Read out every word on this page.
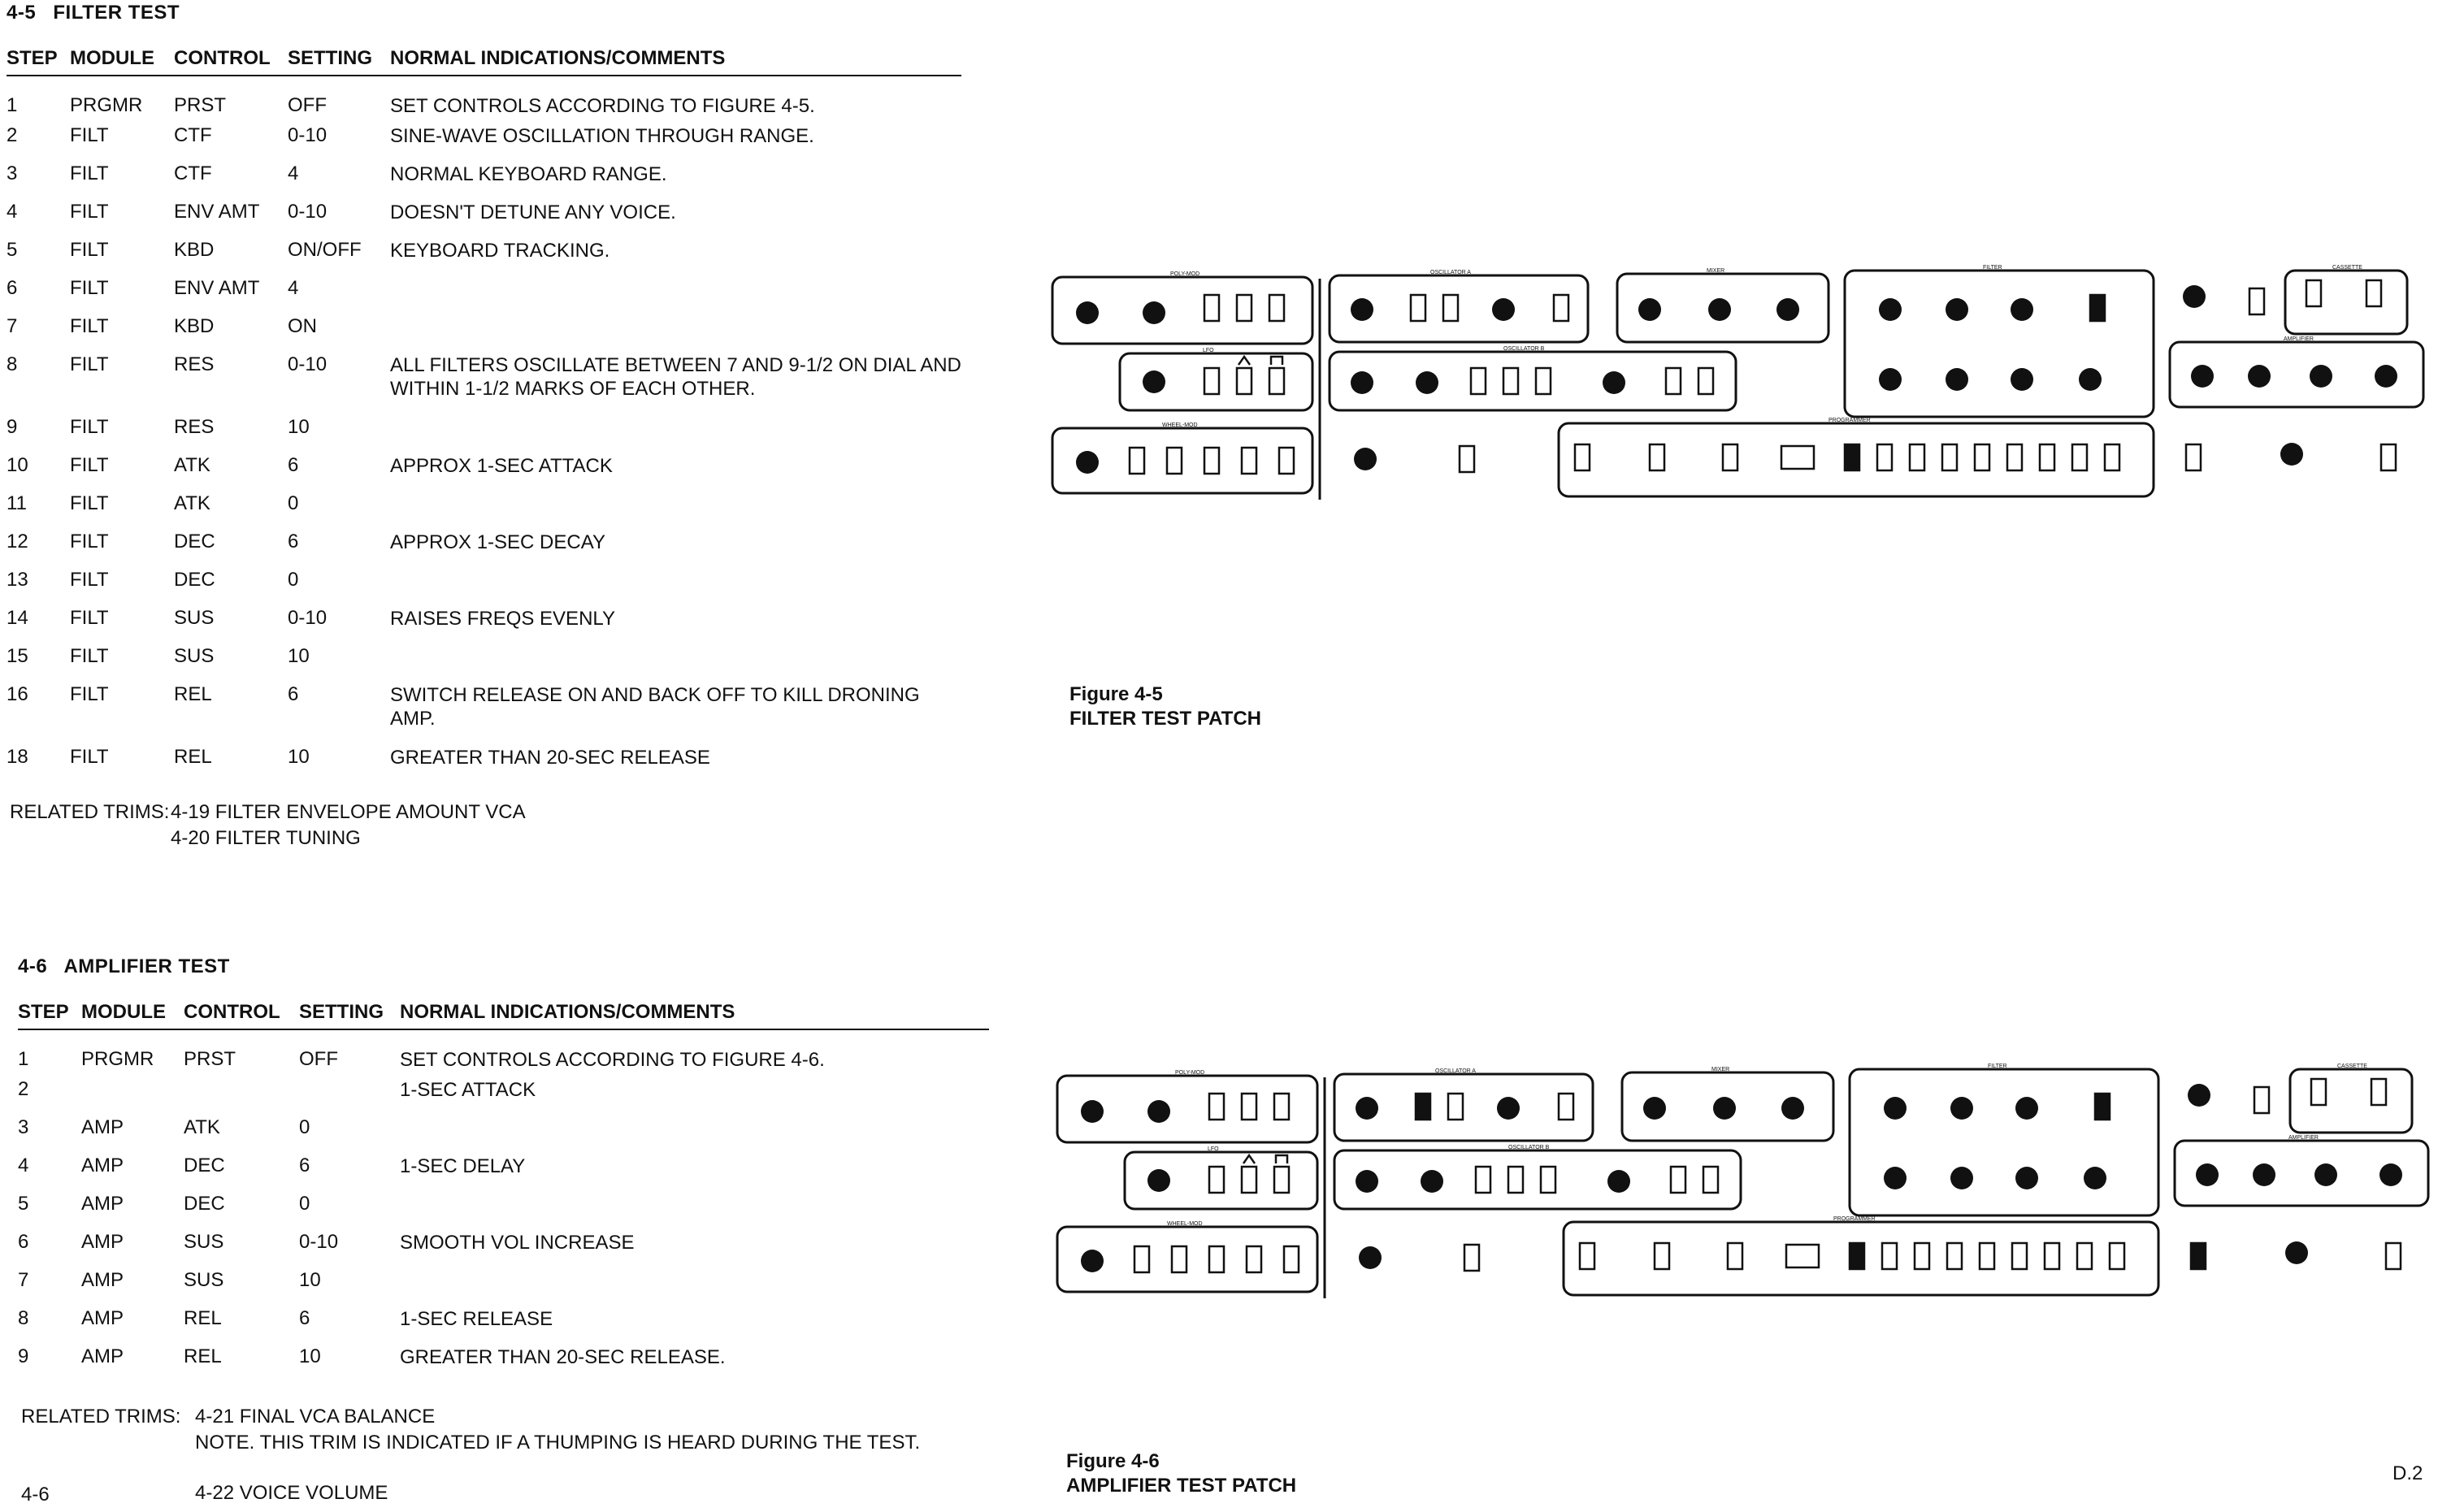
4-5 FILTER TEST
STEP	MODULE	CONTROL	SETTING	NORMAL INDICATIONS/COMMENTS
1	PRGMR	PRST	OFF	SET CONTROLS ACCORDING TO FIGURE 4-5.
2	FILT	CTF	0-10	SINE-WAVE OSCILLATION THROUGH RANGE.
3	FILT	CTF	4	NORMAL KEYBOARD RANGE.
4	FILT	ENV AMT	0-10	DOESN'T DETUNE ANY VOICE.
5	FILT	KBD	ON/OFF	KEYBOARD TRACKING.
6	FILT	ENV AMT	4	
7	FILT	KBD	ON	
8	FILT	RES	0-10	ALL FILTERS OSCILLATE BETWEEN 7 AND 9-1/2 ON DIAL AND WITHIN 1-1/2 MARKS OF EACH OTHER.
9	FILT	RES	10	
10	FILT	ATK	6	APPROX 1-SEC ATTACK
11	FILT	ATK	0	
12	FILT	DEC	6	APPROX 1-SEC DECAY
13	FILT	DEC	0	
14	FILT	SUS	0-10	RAISES FREQS EVENLY
15	FILT	SUS	10	
16	FILT	REL	6	SWITCH RELEASE ON AND BACK OFF TO KILL DRONING AMP.
18	FILT	REL	10	GREATER THAN 20-SEC RELEASE
RELATED TRIMS:4-19 FILTER ENVELOPE AMOUNT VCA
4-20 FILTER TUNING
4-6 AMPLIFIER TEST
STEP	MODULE	CONTROL	SETTING	NORMAL INDICATIONS/COMMENTS
1	PRGMR	PRST	OFF	SET CONTROLS ACCORDING TO FIGURE 4-6.
2				1-SEC ATTACK
3	AMP	ATK	0	
4	AMP	DEC	6	1-SEC DELAY
5	AMP	DEC	0	
6	AMP	SUS	0-10	SMOOTH VOL INCREASE
7	AMP	SUS	10	
8	AMP	REL	6	1-SEC RELEASE
9	AMP	REL	10	GREATER THAN 20-SEC RELEASE.
RELATED TRIMS: 4-21 FINAL VCA BALANCE
NOTE. THIS TRIM IS INDICATED IF A THUMPING IS HEARD DURING THE TEST.

4-22 VOICE VOLUME
4-6
D.2
POLY-MOD
LFO
WHEEL-MOD
OSCILLATOR A
OSCILLATOR B
MIXER
FILTER
PROGRAMMER
CASSETTE
AMPLIFIER
Figure 4-5
FILTER TEST PATCH
POLY-MOD
LFO
WHEEL-MOD
OSCILLATOR A
OSCILLATOR B
MIXER
FILTER
PROGRAMMER
CASSETTE
AMPLIFIER
Figure 4-6
AMPLIFIER TEST PATCH
